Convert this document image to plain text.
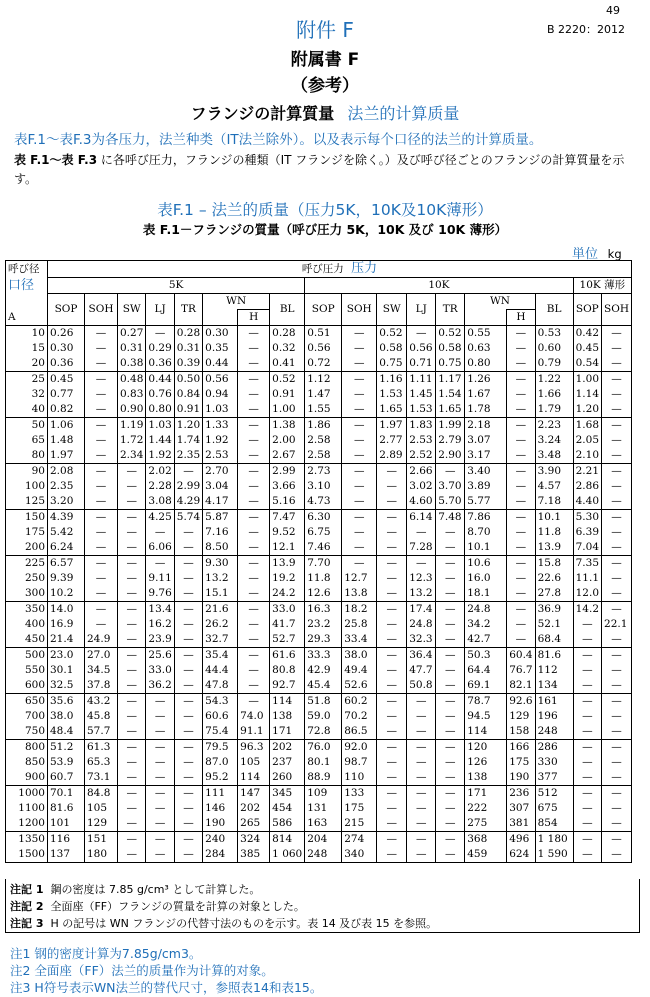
49
B 2220：2012
附件 F
附属書 F
（参考）
フランジの計算質量 法兰的计算质量
表F.1～表F.3为各压力，法兰种类（IT法兰除外）。以及表示每个口径的法兰的计算质量。
表 F.1～表 F.3 に各呼び圧力，フランジの種類（IT フランジを除く。）及び呼び径ごとのフランジの計算質量を示す。
表F.1 – 法兰的质量（压力5K，10K及10K薄形）
表 F.1－フランジの質量（呼び圧力 5K，10K 及び 10K 薄形）
単位 kg
呼び径	呼び圧力 压力																	
口径	5K								10K								10K 薄形	
	SOP	SOH	SW	LJ	TR	WN		BL	SOP	SOH	SW	LJ	TR	WN		BL	SOP	SOH
A							H								H			
10	0.26	—	0.27	—	0.28	0.30	—	0.28	0.51	—	0.52	—	0.52	0.55	—	0.53	0.42	—
15	0.30	—	0.31	0.29	0.31	0.35	—	0.32	0.56	—	0.58	0.56	0.58	0.63	—	0.60	0.45	—
20	0.36	—	0.38	0.36	0.39	0.44	—	0.41	0.72	—	0.75	0.71	0.75	0.80	—	0.79	0.54	—
25	0.45	—	0.48	0.44	0.50	0.56	—	0.52	1.12	—	1.16	1.11	1.17	1.26	—	1.22	1.00	—
32	0.77	—	0.83	0.76	0.84	0.94	—	0.91	1.47	—	1.53	1.45	1.54	1.67	—	1.66	1.14	—
40	0.82	—	0.90	0.80	0.91	1.03	—	1.00	1.55	—	1.65	1.53	1.65	1.78	—	1.79	1.20	—
50	1.06	—	1.19	1.03	1.20	1.33	—	1.38	1.86	—	1.97	1.83	1.99	2.18	—	2.23	1.68	—
65	1.48	—	1.72	1.44	1.74	1.92	—	2.00	2.58	—	2.77	2.53	2.79	3.07	—	3.24	2.05	—
80	1.97	—	2.34	1.92	2.35	2.53	—	2.67	2.58	—	2.89	2.52	2.90	3.17	—	3.48	2.10	—
90	2.08	—	—	2.02	—	2.70	—	2.99	2.73	—	—	2.66	—	3.40	—	3.90	2.21	—
100	2.35	—	—	2.28	2.99	3.04	—	3.66	3.10	—	—	3.02	3.70	3.89	—	4.57	2.86	—
125	3.20	—	—	3.08	4.29	4.17	—	5.16	4.73	—	—	4.60	5.70	5.77	—	7.18	4.40	—
150	4.39	—	—	4.25	5.74	5.87	—	7.47	6.30	—	—	6.14	7.48	7.86	—	10.1	5.30	—
175	5.42	—	—	—	—	7.16	—	9.52	6.75	—	—	—	—	8.70	—	11.8	6.39	—
200	6.24	—	—	6.06	—	8.50	—	12.1	7.46	—	—	7.28	—	10.1	—	13.9	7.04	—
225	6.57	—	—	—	—	9.30	—	13.9	7.70	—	—	—	—	10.6	—	15.8	7.35	—
250	9.39	—	—	9.11	—	13.2	—	19.2	11.8	12.7	—	12.3	—	16.0	—	22.6	11.1	—
300	10.2	—	—	9.76	—	15.1	—	24.2	12.6	13.8	—	13.2	—	18.1	—	27.8	12.0	—
350	14.0	—	—	13.4	—	21.6	—	33.0	16.3	18.2	—	17.4	—	24.8	—	36.9	14.2	—
400	16.9	—	—	16.2	—	26.2	—	41.7	23.2	25.8	—	24.8	—	34.2	—	52.1	—	22.1
450	21.4	24.9	—	23.9	—	32.7	—	52.7	29.3	33.4	—	32.3	—	42.7	—	68.4	—	—
500	23.0	27.0	—	25.6	—	35.4	—	61.6	33.3	38.0	—	36.4	—	50.3	60.4	81.6	—	—
550	30.1	34.5	—	33.0	—	44.4	—	80.8	42.9	49.4	—	47.7	—	64.4	76.7	112	—	—
600	32.5	37.8	—	36.2	—	47.8	—	92.7	45.4	52.6	—	50.8	—	69.1	82.1	134	—	—
650	35.6	43.2	—	—	—	54.3	—	114	51.8	60.2	—	—	—	78.7	92.6	161	—	—
700	38.0	45.8	—	—	—	60.6	74.0	138	59.0	70.2	—	—	—	94.5	129	196	—	—
750	48.4	57.7	—	—	—	75.4	91.1	171	72.8	86.5	—	—	—	114	158	248	—	—
800	51.2	61.3	—	—	—	79.5	96.3	202	76.0	92.0	—	—	—	120	166	286	—	—
850	53.9	65.3	—	—	—	87.0	105	237	80.1	98.7	—	—	—	126	175	330	—	—
900	60.7	73.1	—	—	—	95.2	114	260	88.9	110	—	—	—	138	190	377	—	—
1000	70.1	84.8	—	—	—	111	147	345	109	133	—	—	—	171	236	512	—	—
1100	81.6	105	—	—	—	146	202	454	131	175	—	—	—	222	307	675	—	—
1200	101	129	—	—	—	190	265	586	163	215	—	—	—	275	381	854	—	—
1350	116	151	—	—	—	240	324	814	204	274	—	—	—	368	496	1 180	—	—
1500	137	180	—	—	—	284	385	1 060	248	340	—	—	—	459	624	1 590	—	—
注記 1 鋼の密度は 7.85 g/cm³ として計算した。
注記 2 全面座（FF）フランジの質量を計算の対象とした。
注記 3 H の記号は WN フランジの代替寸法のものを示す。表 14 及び表 15 を参照。
注1 钢的密度计算为7.85g/cm3。
注2 全面座（FF）法兰的质量作为计算的对象。
注3 H符号表示WN法兰的替代尺寸，参照表14和表15。
